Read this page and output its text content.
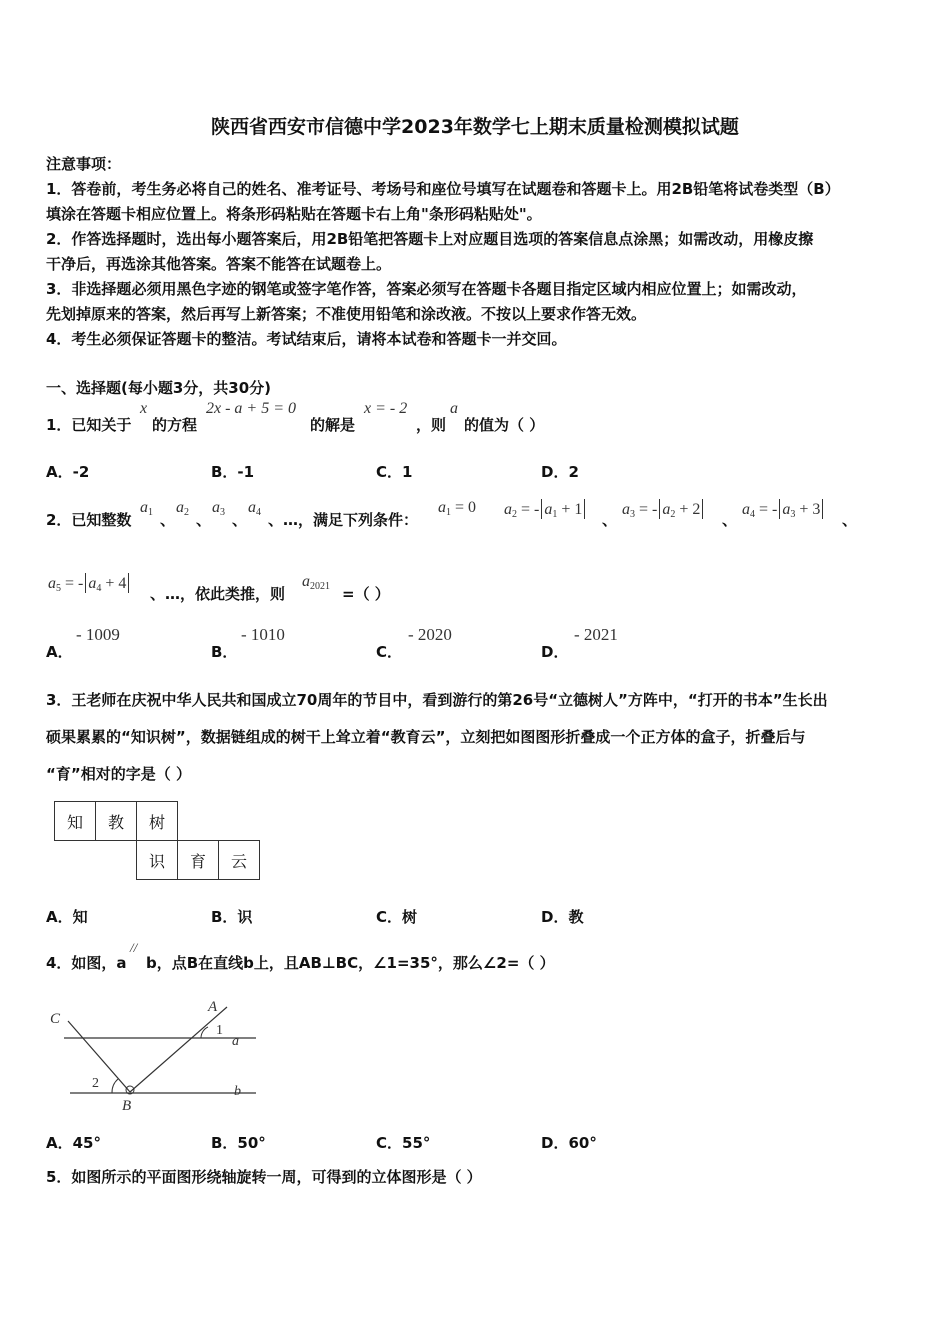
陕西省西安市信德中学2023年数学七上期末质量检测模拟试题
注意事项：
1．答卷前，考生务必将自己的姓名、准考证号、考场号和座位号填写在试题卷和答题卡上。用2B铅笔将试卷类型（B）
填涂在答题卡相应位置上。将条形码粘贴在答题卡右上角"条形码粘贴处"。
2．作答选择题时，选出每小题答案后，用2B铅笔把答题卡上对应题目选项的答案信息点涂黑；如需改动，用橡皮擦
干净后，再选涂其他答案。答案不能答在试题卷上。
3．非选择题必须用黑色字迹的钢笔或签字笔作答，答案必须写在答题卡各题目指定区域内相应位置上；如需改动，
先划掉原来的答案，然后再写上新答案；不准使用铅笔和涂改液。不按以上要求作答无效。
4．考生必须保证答题卡的整洁。考试结束后，请将本试卷和答题卡一并交回。
一、选择题(每小题3分，共30分)
1．已知关于
x
的方程
2x - a + 5 = 0
的解是
x = - 2
，则
a
的值为（ ）
A．-2	B．-1	C．1	D．2
2．已知整数
$a_1$ 、
$a_2$ 、
$a_3$ 、
$a_4$ 、…，满足下列条件：
$a_1 = 0$ $a_2$ = - $a_1 + 1$
、
$a_3$ = - $a_2 + 2$
、
$a_4$ = - $a_3 + 3$
、
$a_5$ = - $a_4 + 4$
、…，依此类推，则
$a_{2021}$ =（ ）
A．
- 1009
B．
- 1010
C．
- 2020
D．
- 2021
3．王老师在庆祝中华人民共和国成立70周年的节目中，看到游行的第26号“立德树人”方阵中，“打开的书本”生长出
硕果累累的“知识树”，数据链组成的树干上耸立着“教育云”，立刻把如图图形折叠成一个正方体的盒子，折叠后与
“育”相对的字是（ ）
知	教	树		
		识	育	云
A．知	B．识	C．树	D．教
4．如图，a
//
b，点B在直线b上，且AB⊥BC，∠1=35°，那么∠2=（ ）
C
A
1
a
2
B
b
A．45°	B．50°	C．55°	D．60°
5．如图所示的平面图形绕轴旋转一周，可得到的立体图形是（ ）
